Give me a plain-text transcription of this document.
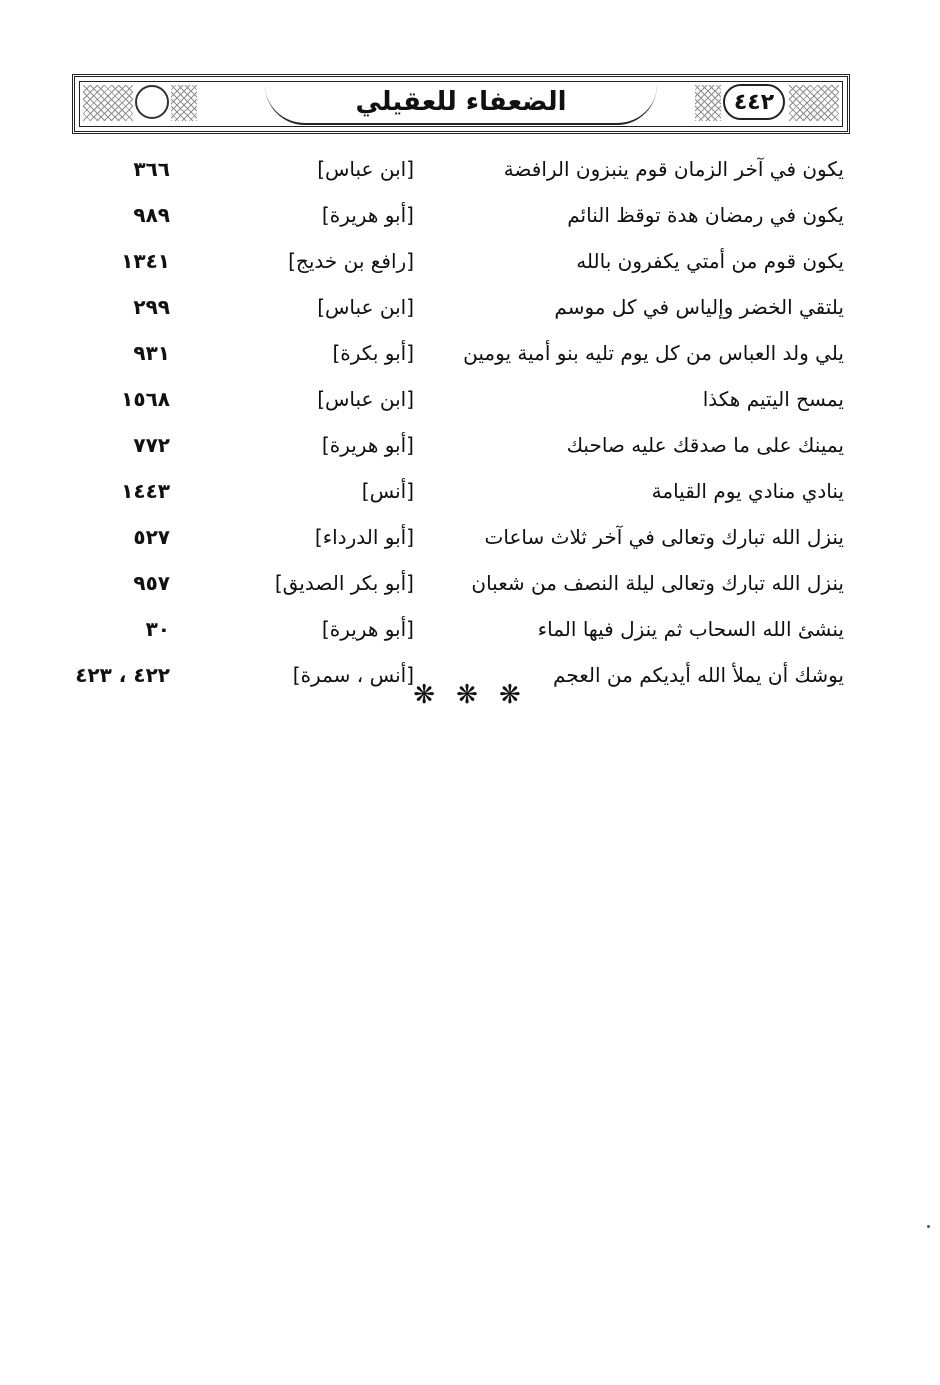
الضعفاء للعقيلي	٤٤٢
يكون في آخر الزمان قوم ينبزون الرافضة
[ابن عباس]
٣٦٦
يكون في رمضان هدة توقظ النائم
[أبو هريرة]
٩٨٩
يكون قوم من أمتي يكفرون بالله
[رافع بن خديج]
١٣٤١
يلتقي الخضر وإلياس في كل موسم
[ابن عباس]
٢٩٩
يلي ولد العباس من كل يوم تليه بنو أمية يومين
[أبو بكرة]
٩٣١
يمسح اليتيم هكذا
[ابن عباس]
١٥٦٨
يمينك على ما صدقك عليه صاحبك
[أبو هريرة]
٧٧٢
ينادي منادي يوم القيامة
[أنس]
١٤٤٣
ينزل الله تبارك وتعالى في آخر ثلاث ساعات
[أبو الدرداء]
٥٢٧
ينزل الله تبارك وتعالى ليلة النصف من شعبان
[أبو بكر الصديق]
٩٥٧
ينشئ الله السحاب ثم ينزل فيها الماء
[أبو هريرة]
٣٠
يوشك أن يملأ الله أيديكم من العجم
[أنس ، سمرة]
٤٢٢ ، ٤٢٣
❋ ❋ ❋
